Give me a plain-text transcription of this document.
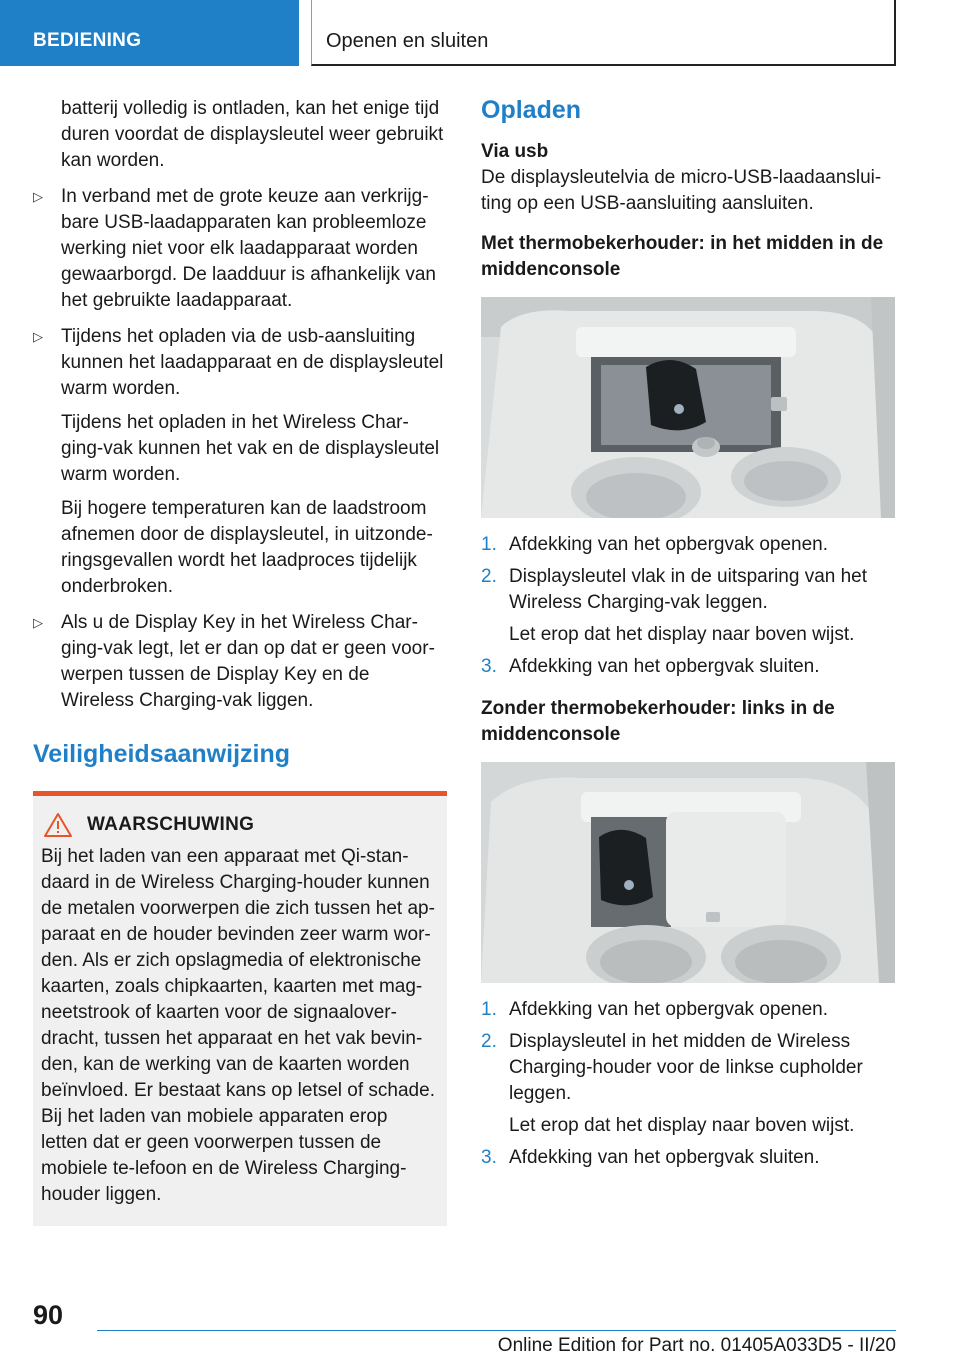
BEDIENING	Openen en sluiten

batterij volledig is ontladen, kan het enige tijd duren voordat de displaysleutel weer gebruikt kan worden.

▷ In verband met de grote keuze aan verkrijg-bare USB-laadapparaten kan probleemloze werking niet voor elk laadapparaat worden gewaarborgd. De laadduur is afhankelijk van het gebruikte laadapparaat.

▷ Tijdens het opladen via de usb-aansluiting kunnen het laadapparaat en de displaysleutel warm worden.

Tijdens het opladen in het Wireless Char-ging-vak kunnen het vak en de displaysleutel warm worden.

Bij hogere temperaturen kan de laadstroom afnemen door de displaysleutel, in uitzonde-ringsgevallen wordt het laadproces tijdelijk onderbroken.

▷ Als u de Display Key in het Wireless Char-ging-vak legt, let er dan op dat er geen voor-werpen tussen de Display Key en de Wireless Charging-vak liggen.

Veiligheidsaanwijzing
WAARSCHUWING

Bij het laden van een apparaat met Qi-stan-daard in de Wireless Charging-houder kunnen de metalen voorwerpen die zich tussen het ap-paraat en de houder bevinden zeer warm wor-den. Als er zich opslagmedia of elektronische kaarten, zoals chipkaarten, kaarten met mag-neetstrook of kaarten voor de signaalover-dracht, tussen het apparaat en het vak bevin-den, kan de werking van de kaarten worden beïnvloed. Er bestaat kans op letsel of schade. Bij het laden van mobiele apparaten erop letten dat er geen voorwerpen tussen de mobiele te-lefoon en de Wireless Charging-houder liggen.

Opladen
Via usb

De displaysleutelvia de micro-USB-laadaanslui-ting op een USB-aansluiting aansluiten.

Met thermobekerhouder: in het midden in de middenconsole
1. Afdekking van het opbergvak openen.
2. Displaysleutel vlak in de uitsparing van het Wireless Charging-vak leggen.

Let erop dat het display naar boven wijst.

3. Afdekking van het opbergvak sluiten.
Zonder thermobekerhouder: links in de middenconsole
1. Afdekking van het opbergvak openen.
2. Displaysleutel in het midden de Wireless Charging-houder voor de linkse cupholder leggen.

Let erop dat het display naar boven wijst.

3. Afdekking van het opbergvak sluiten.
90
Online Edition for Part no. 01405A033D5 - II/20
